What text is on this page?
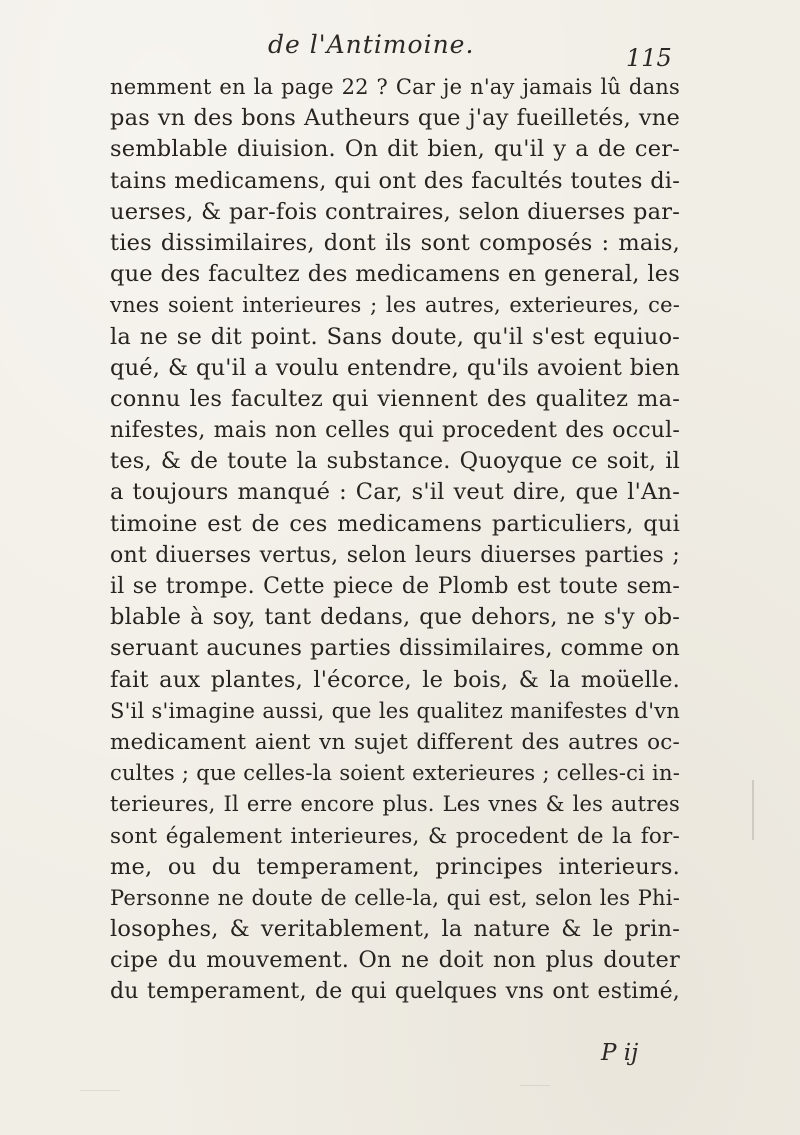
de l'Antimoine.	115
nemment en la page 22 ? Car je n'ay jamais lû dans
pas vn des bons Autheurs que j'ay fueilletés, vne
semblable diuision. On dit bien, qu'il y a de cer-
tains medicamens, qui ont des facultés toutes di-
uerses, & par-fois contraires, selon diuerses par-
ties dissimilaires, dont ils sont composés : mais,
que des facultez des medicamens en general, les
vnes soient interieures ; les autres, exterieures, ce-
la ne se dit point. Sans doute, qu'il s'est equiuo-
qué, & qu'il a voulu entendre, qu'ils avoient bien
connu les facultez qui viennent des qualitez ma-
nifestes, mais non celles qui procedent des occul-
tes, & de toute la substance. Quoyque ce soit, il
a toujours manqué : Car, s'il veut dire, que l'An-
timoine est de ces medicamens particuliers, qui
ont diuerses vertus, selon leurs diuerses parties ;
il se trompe. Cette piece de Plomb est toute sem-
blable à soy, tant dedans, que dehors, ne s'y ob-
seruant aucunes parties dissimilaires, comme on
fait aux plantes, l'écorce, le bois, & la moüelle.
S'il s'imagine aussi, que les qualitez manifestes d'vn
medicament aient vn sujet different des autres oc-
cultes ; que celles-la soient exterieures ; celles-ci in-
terieures, Il erre encore plus. Les vnes & les autres
sont également interieures, & procedent de la for-
me, ou du temperament, principes interieurs.
Personne ne doute de celle-la, qui est, selon les Phi-
losophes, & veritablement, la nature & le prin-
cipe du mouvement. On ne doit non plus douter
du temperament, de qui quelques vns ont estimé,
P ij
